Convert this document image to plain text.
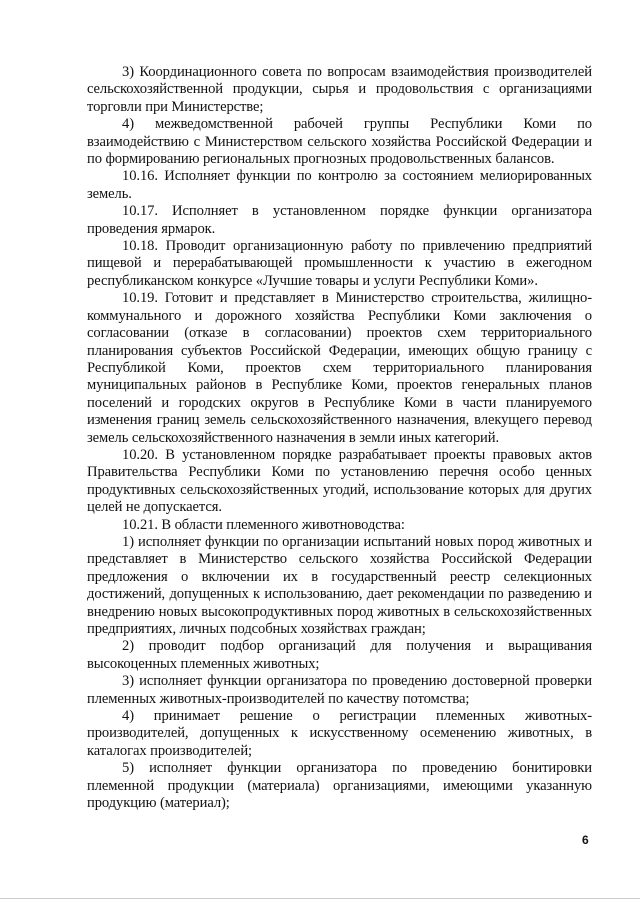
3) Координационного совета по вопросам взаимодействия производителей сельскохозяйственной продукции, сырья и продовольствия с организациями торговли при Министерстве;

4) межведомственной рабочей группы Республики Коми по взаимодействию с Министерством сельского хозяйства Российской Федерации и по формированию региональных прогнозных продовольственных балансов.

10.16. Исполняет функции по контролю за состоянием мелиорированных земель.

10.17. Исполняет в установленном порядке функции организатора проведения ярмарок.

10.18. Проводит организационную работу по привлечению предприятий пищевой и перерабатывающей промышленности к участию в ежегодном республиканском конкурсе «Лучшие товары и услуги Республики Коми».

10.19. Готовит и представляет в Министерство строительства, жилищно-коммунального и дорожного хозяйства Республики Коми заключения о согласовании (отказе в согласовании) проектов схем территориального планирования субъектов Российской Федерации, имеющих общую границу с Республикой Коми, проектов схем территориального планирования муниципальных районов в Республике Коми, проектов генеральных планов поселений и городских округов в Республике Коми в части планируемого изменения границ земель сельскохозяйственного назначения, влекущего перевод земель сельскохозяйственного назначения в земли иных категорий.

10.20. В установленном порядке разрабатывает проекты правовых актов Правительства Республики Коми по установлению перечня особо ценных продуктивных сельскохозяйственных угодий, использование которых для других целей не допускается.

10.21. В области племенного животноводства:

1) исполняет функции по организации испытаний новых пород животных и представляет в Министерство сельского хозяйства Российской Федерации предложения о включении их в государственный реестр селекционных достижений, допущенных к использованию, дает рекомендации по разведению и внедрению новых высокопродуктивных пород животных в сельскохозяйственных предприятиях, личных подсобных хозяйствах граждан;

2) проводит подбор организаций для получения и выращивания высокоценных племенных животных;

3) исполняет функции организатора по проведению достоверной проверки племенных животных-производителей по качеству потомства;

4) принимает решение о регистрации племенных животных-производителей, допущенных к искусственному осеменению животных, в каталогах производителей;

5) исполняет функции организатора по проведению бонитировки племенной продукции (материала) организациями, имеющими указанную продукцию (материал);

6
